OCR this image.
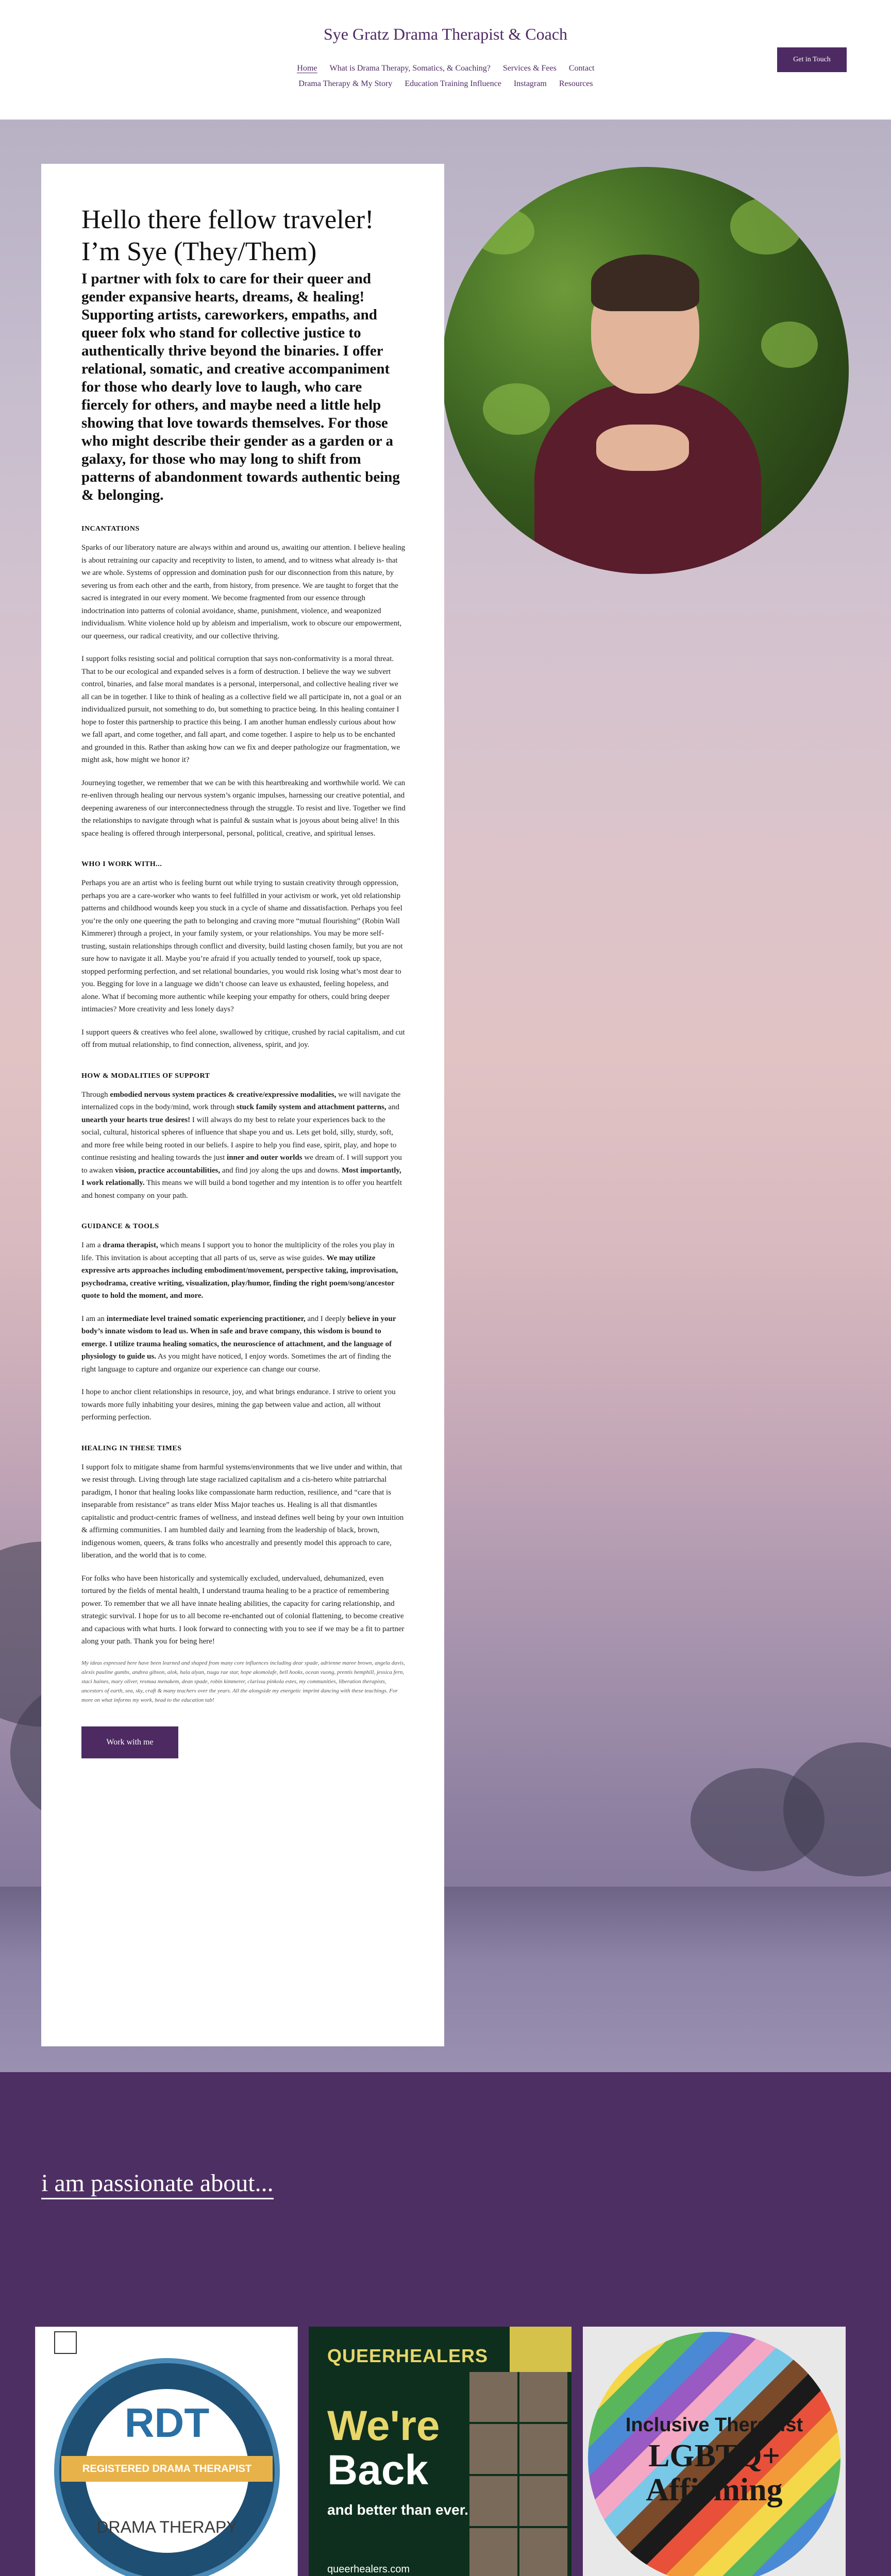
Sye Gratz Drama Therapist & Coach
Home What is Drama Therapy, Somatics, & Coaching? Services & Fees Contact
Drama Therapy & My Story Education Training Influence Instagram Resources
Get in Touch
Hello there fellow traveler!
I’m Sye (They/Them)
I partner with folx to care for their queer and gender expansive hearts, dreams, & healing! Supporting artists, careworkers, empaths, and queer folx who stand for collective justice to authentically thrive beyond the binaries. I offer relational, somatic, and creative accompaniment for those who dearly love to laugh, who care fiercely for others, and maybe need a little help showing that love towards themselves. For those who might describe their gender as a garden or a galaxy, for those who may long to shift from patterns of abandonment towards authentic being & belonging.
INCANTATIONS

Sparks of our liberatory nature are always within and around us, awaiting our attention. I believe healing is about retraining our capacity and receptivity to listen, to amend, and to witness what already is- that we are whole. Systems of oppression and domination push for our disconnection from this nature, by severing us from each other and the earth, from history, from presence. We are taught to forget that the sacred is integrated in our every moment. We become fragmented from our essence through indoctrination into patterns of colonial avoidance, shame, punishment, violence, and weaponized individualism. White violence hold up by ableism and imperialism, work to obscure our empowerment, our queerness, our radical creativity, and our collective thriving.

I support folks resisting social and political corruption that says non-conformativity is a moral threat. That to be our ecological and expanded selves is a form of destruction. I believe the way we subvert control, binaries, and false moral mandates is a personal, interpersonal, and collective healing river we all can be in together. I like to think of healing as a collective field we all participate in, not a goal or an individualized pursuit, not something to do, but something to practice being. In this healing container I hope to foster this partnership to practice this being. I am another human endlessly curious about how we fall apart, and come together, and fall apart, and come together. I aspire to help us to be enchanted and grounded in this. Rather than asking how can we fix and deeper pathologize our fragmentation, we might ask, how might we honor it?

Journeying together, we remember that we can be with this heartbreaking and worthwhile world. We can re-enliven through healing our nervous system’s organic impulses, harnessing our creative potential, and deepening awareness of our interconnectedness through the struggle. To resist and live. Together we find the relationships to navigate through what is painful & sustain what is joyous about being alive! In this space healing is offered through interpersonal, personal, political, creative, and spiritual lenses.

WHO I WORK WITH...

Perhaps you are an artist who is feeling burnt out while trying to sustain creativity through oppression, perhaps you are a care-worker who wants to feel fulfilled in your activism or work, yet old relationship patterns and childhood wounds keep you stuck in a cycle of shame and dissatisfaction. Perhaps you feel you’re the only one queering the path to belonging and craving more “mutual flourishing” (Robin Wall Kimmerer) through a project, in your family system, or your relationships. You may be more self-trusting, sustain relationships through conflict and diversity, build lasting chosen family, but you are not sure how to navigate it all. Maybe you’re afraid if you actually tended to yourself, took up space, stopped performing perfection, and set relational boundaries, you would risk losing what’s most dear to you. Begging for love in a language we didn’t choose can leave us exhausted, feeling hopeless, and alone. What if becoming more authentic while keeping your empathy for others, could bring deeper intimacies? More creativity and less lonely days?

I support queers & creatives who feel alone, swallowed by critique, crushed by racial capitalism, and cut off from mutual relationship, to find connection, aliveness, spirit, and joy.

HOW & MODALITIES OF SUPPORT

Through embodied nervous system practices & creative/expressive modalities, we will navigate the internalized cops in the body/mind, work through stuck family system and attachment patterns, and unearth your hearts true desires! I will always do my best to relate your experiences back to the social, cultural, historical spheres of influence that shape you and us. Lets get bold, silly, sturdy, soft, and more free while being rooted in our beliefs. I aspire to help you find ease, spirit, play, and hope to continue resisting and healing towards the just inner and outer worlds we dream of. I will support you to awaken vision, practice accountabilities, and find joy along the ups and downs. Most importantly, I work relationally. This means we will build a bond together and my intention is to offer you heartfelt and honest company on your path.

GUIDANCE & TOOLS

I am a drama therapist, which means I support you to honor the multiplicity of the roles you play in life. This invitation is about accepting that all parts of us, serve as wise guides. We may utilize expressive arts approaches including embodiment/movement, perspective taking, improvisation, psychodrama, creative writing, visualization, play/humor, finding the right poem/song/ancestor quote to hold the moment, and more.

I am an intermediate level trained somatic experiencing practitioner, and I deeply believe in your body’s innate wisdom to lead us. When in safe and brave company, this wisdom is bound to emerge. I utilize trauma healing somatics, the neuroscience of attachment, and the language of physiology to guide us. As you might have noticed, I enjoy words. Sometimes the art of finding the right language to capture and organize our experience can change our course.

I hope to anchor client relationships in resource, joy, and what brings endurance. I strive to orient you towards more fully inhabiting your desires, mining the gap between value and action, all without performing perfection.

HEALING IN THESE TIMES

I support folx to mitigate shame from harmful systems/environments that we live under and within, that we resist through. Living through late stage racialized capitalism and a cis-hetero white patriarchal paradigm, I honor that healing looks like compassionate harm reduction, resilience, and “care that is inseparable from resistance” as trans elder Miss Major teaches us. Healing is all that dismantles capitalistic and product-centric frames of wellness, and instead defines well being by your own intuition & affirming communities. I am humbled daily and learning from the leadership of black, brown, indigenous women, queers, & trans folks who ancestrally and presently model this approach to care, liberation, and the world that is to come.

For folks who have been historically and systemically excluded, undervalued, dehumanized, even tortured by the fields of mental health, I understand trauma healing to be a practice of remembering power. To remember that we all have innate healing abilities, the capacity for caring relationship, and strategic survival. I hope for us to all become re-enchanted out of colonial flattening, to become creative and capacious with what hurts. I look forward to connecting with you to see if we may be a fit to partner along your path. Thank you for being here!

My ideas expressed here have been learned and shaped from many core influences including dear spade, adrienne maree brown, angela davis, alexis pauline gumbs, andrea gibson, alok, hala alyan, tsugu rae star, hope akomolafe, bell hooks, ocean vuong, prentis hemphill, jessica fern, staci haines, mary oliver, resmaa menakem, dean spade, robin kimmerer, clarissa pinkola estes, my communities, liberation therapists, ancestors of earth, sea, sky, craft & many teachers over the years. All the alongside my energetic imprint dancing with these teachings. For more on what informs my work, head to the education tab!

Work with me
i am passionate about...
RDT
REGISTERED DRAMA THERAPIST
DRAMA THERAPY
QUEERHEALERS
We're
Back
and better than ever.
queerhealers.com
Inclusive Therapist
LGBTQ+
Affirming
